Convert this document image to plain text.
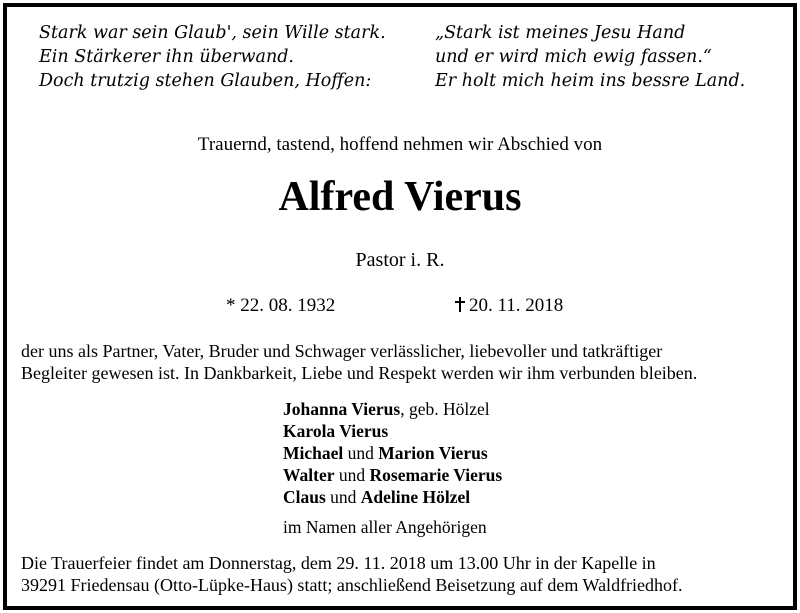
Stark war sein Glaub', sein Wille stark.
Ein Stärkerer ihn überwand.
Doch trutzig stehen Glauben, Hoffen:
„Stark ist meines Jesu Hand
und er wird mich ewig fassen.“
Er holt mich heim ins bessre Land.
Trauernd, tastend, hoffend nehmen wir Abschied von
Alfred Vierus
Pastor i. R.
* 22. 08. 1932	20. 11. 2018
der uns als Partner, Vater, Bruder und Schwager verlässlicher, liebevoller und tatkräftiger
Begleiter gewesen ist. In Dankbarkeit, Liebe und Respekt werden wir ihm verbunden bleiben.
Johanna Vierus, geb. Hölzel
Karola Vierus
Michael und Marion Vierus
Walter und Rosemarie Vierus
Claus und Adeline Hölzel
im Namen aller Angehörigen
Die Trauerfeier findet am Donnerstag, dem 29. 11. 2018 um 13.00 Uhr in der Kapelle in
39291 Friedensau (Otto-Lüpke-Haus) statt; anschließend Beisetzung auf dem Waldfriedhof.
